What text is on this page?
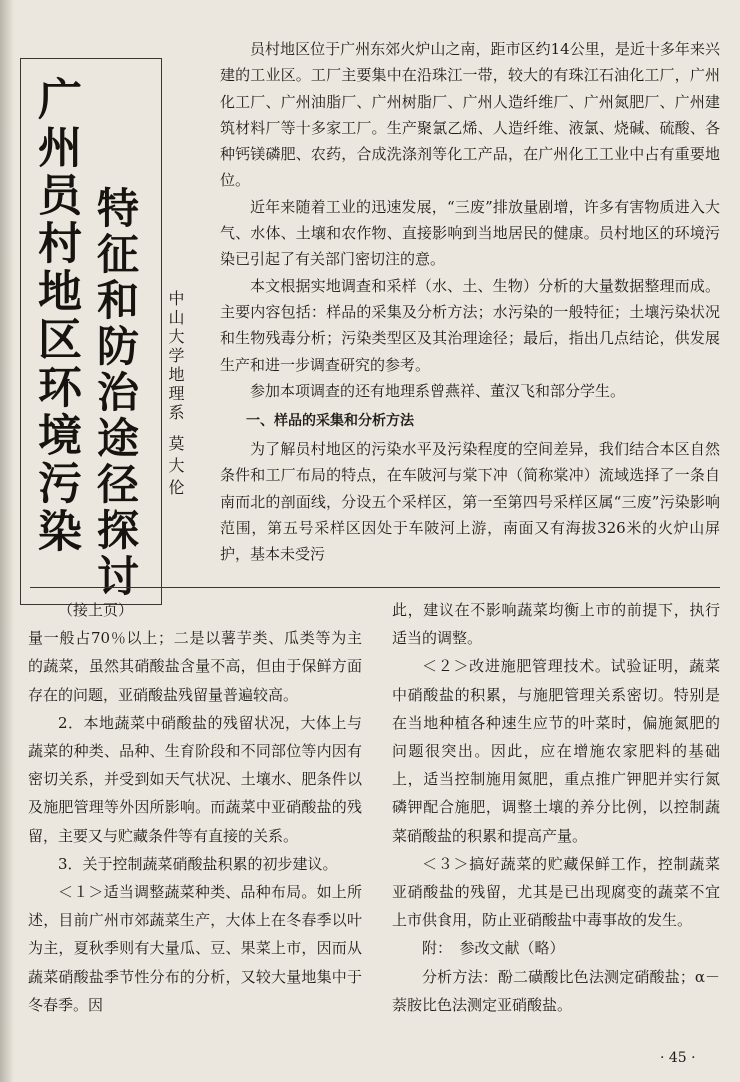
广州员村地区环境污染 特征和防治途径探讨	中山大学地理系
莫大伦

员村地区位于广州东郊火炉山之南，距市区约14公里，是近十多年来兴建的工业区。工厂主要集中在沿珠江一带，较大的有珠江石油化工厂，广州化工厂、广州油脂厂、广州树脂厂、广州人造纤维厂、广州氮肥厂、广州建筑材料厂等十多家工厂。生产聚氯乙烯、人造纤维、液氯、烧碱、硫酸、各种钙镁磷肥、农药，合成洗涤剂等化工产品，在广州化工工业中占有重要地位。

近年来随着工业的迅速发展，“三废”排放量剧增，许多有害物质进入大气、水体、土壤和农作物、直接影响到当地居民的健康。员村地区的环境污染已引起了有关部门密切注的意。

本文根据实地调查和采样（水、土、生物）分析的大量数据整理而成。主要内容包括：样品的采集及分析方法；水污染的一般特征；土壤污染状况和生物残毒分析；污染类型区及其治理途径；最后，指出几点结论，供发展生产和进一步调查研究的参考。

参加本项调查的还有地理系曾燕祥、董汉飞和部分学生。

一、样品的采集和分析方法

为了解员村地区的污染水平及污染程度的空间差异，我们结合本区自然条件和工厂布局的特点，在车陂河与棠下冲（简称棠冲）流域选择了一条自南而北的剖面线，分设五个采样区，第一至第四号采样区属“三废”污染影响范围，第五号采样区因处于车陂河上游，南面又有海拔326米的火炉山屏护，基本未受污

（接上页）

量一般占70％以上；二是以薯芋类、瓜类等为主的蔬菜，虽然其硝酸盐含量不高，但由于保鲜方面存在的问题，亚硝酸盐残留量普遍较高。

2．本地蔬菜中硝酸盐的残留状况，大体上与蔬菜的种类、品种、生育阶段和不同部位等内因有密切关系，并受到如天气状况、土壤水、肥条件以及施肥管理等外因所影响。而蔬菜中亚硝酸盐的残留，主要又与贮藏条件等有直接的关系。

3．关于控制蔬菜硝酸盐积累的初步建议。

＜１＞适当调整蔬菜种类、品种布局。如上所述，目前广州市郊蔬菜生产，大体上在冬春季以叶为主，夏秋季则有大量瓜、豆、果菜上市，因而从蔬菜硝酸盐季节性分布的分析，又较大量地集中于冬春季。因

此，建议在不影响蔬菜均衡上市的前提下，执行适当的调整。

＜２＞改进施肥管理技术。试验证明，蔬菜中硝酸盐的积累，与施肥管理关系密切。特别是在当地种植各种速生应节的叶菜时，偏施氮肥的问题很突出。因此，应在增施农家肥料的基础上，适当控制施用氮肥，重点推广钾肥并实行氮磷钾配合施肥，调整土壤的养分比例，以控制蔬菜硝酸盐的积累和提高产量。

＜３＞搞好蔬菜的贮藏保鲜工作，控制蔬菜亚硝酸盐的残留，尤其是已出现腐变的蔬菜不宜上市供食用，防止亚硝酸盐中毒事故的发生。

附：　参改文献（略）

分析方法：酚二磺酸比色法测定硝酸盐；α－萘胺比色法测定亚硝酸盐。

· 45 ·
